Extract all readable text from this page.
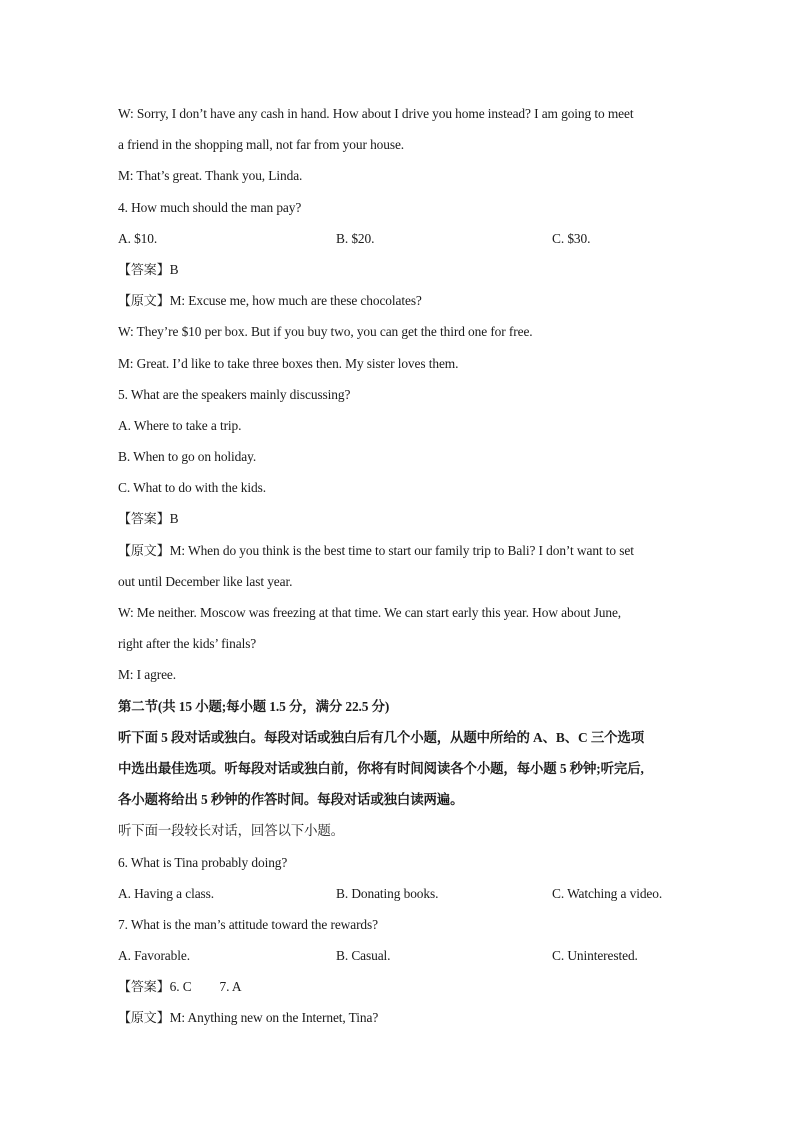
W: Sorry, I don’t have any cash in hand. How about I drive you home instead? I am going to meet
a friend in the shopping mall, not far from your house.
M: That’s great. Thank you, Linda.
4. How much should the man pay?
A. $10.	B. $20.	C. $30.
【答案】B
【原文】M: Excuse me, how much are these chocolates?
W: They’re $10 per box. But if you buy two, you can get the third one for free.
M: Great. I’d like to take three boxes then. My sister loves them.
5. What are the speakers mainly discussing?
A. Where to take a trip.
B. When to go on holiday.
C. What to do with the kids.
【答案】B
【原文】M: When do you think is the best time to start our family trip to Bali? I don’t want to set
out until December like last year.
W: Me neither. Moscow was freezing at that time. We can start early this year. How about June,
right after the kids’ finals?
M: I agree.
第二节(共 15 小题;每小题 1.5 分，满分 22.5 分)
听下面 5 段对话或独白。每段对话或独白后有几个小题，从题中所给的 A、B、C 三个选项
中选出最佳选项。听每段对话或独白前，你将有时间阅读各个小题，每小题 5 秒钟;听完后,
各小题将给出 5 秒钟的作答时间。每段对话或独白读两遍。
听下面一段较长对话，回答以下小题。
6. What is Tina probably doing?
A. Having a class.	B. Donating books.	C. Watching a video.
7. What is the man’s attitude toward the rewards?
A. Favorable.	B. Casual.	C. Uninterested.
【答案】6. C 7. A
【原文】M: Anything new on the Internet, Tina?
